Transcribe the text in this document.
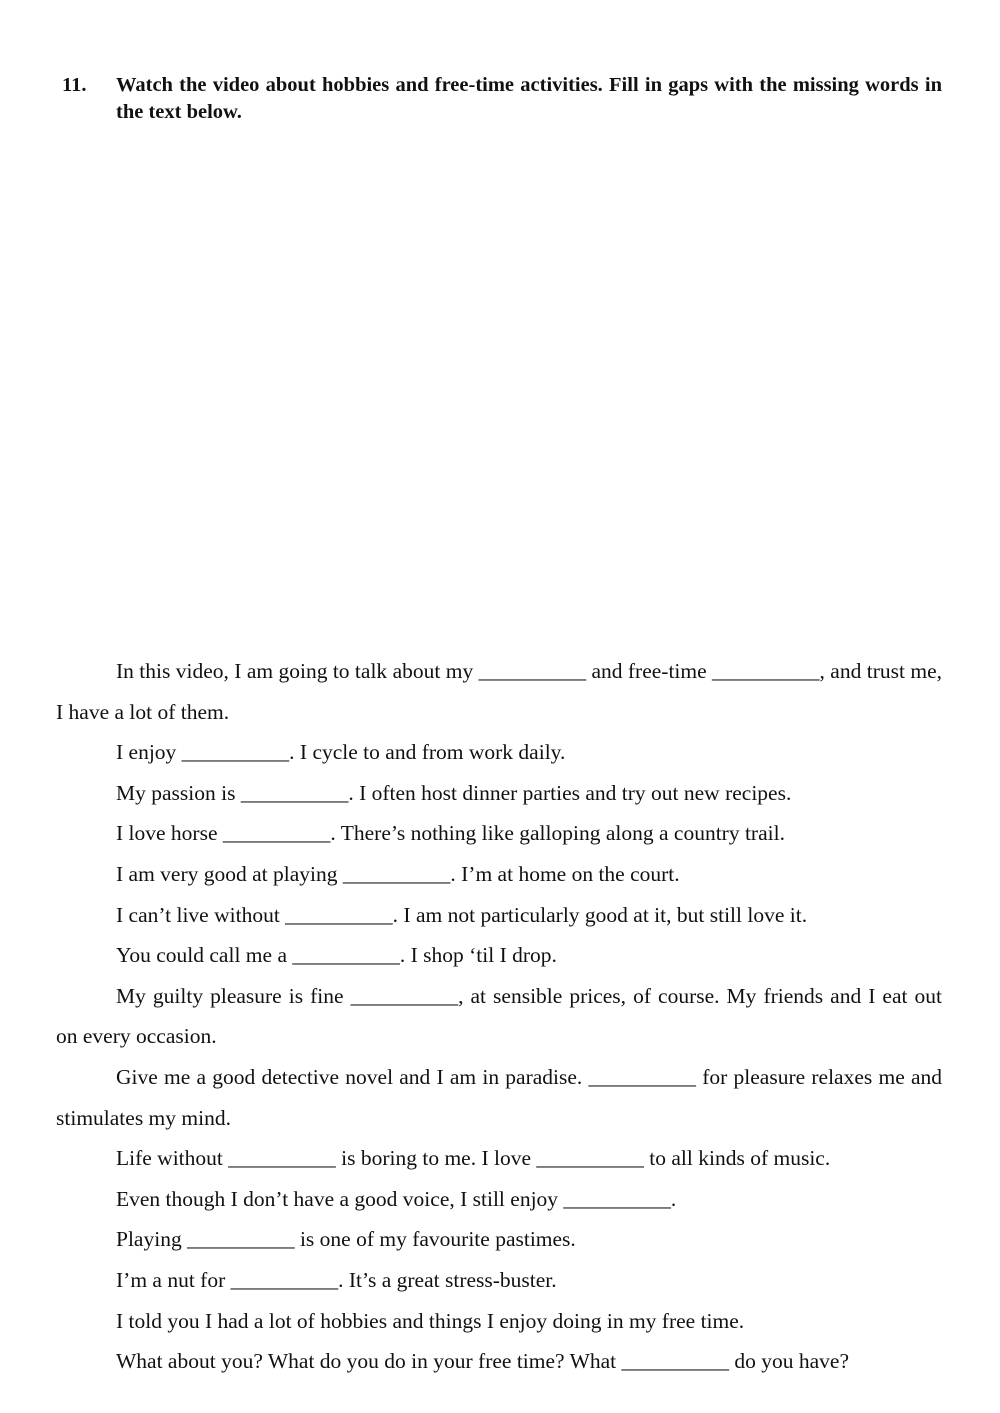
11. Watch the video about hobbies and free-time activities. Fill in gaps with the missing words in the text below.

In this video, I am going to talk about my __________ and free-time __________, and trust me, I have a lot of them.

I enjoy __________. I cycle to and from work daily.

My passion is __________. I often host dinner parties and try out new recipes.

I love horse __________. There’s nothing like galloping along a country trail.

I am very good at playing __________. I’m at home on the court.

I can’t live without __________. I am not particularly good at it, but still love it.

You could call me a __________. I shop ‘til I drop.

My guilty pleasure is fine __________, at sensible prices, of course. My friends and I eat out on every occasion.

Give me a good detective novel and I am in paradise. __________ for pleasure relaxes me and stimulates my mind.

Life without __________ is boring to me. I love __________ to all kinds of music.

Even though I don’t have a good voice, I still enjoy __________.

Playing __________ is one of my favourite pastimes.

I’m a nut for __________. It’s a great stress-buster.

I told you I had a lot of hobbies and things I enjoy doing in my free time.

What about you? What do you do in your free time? What __________ do you have?
